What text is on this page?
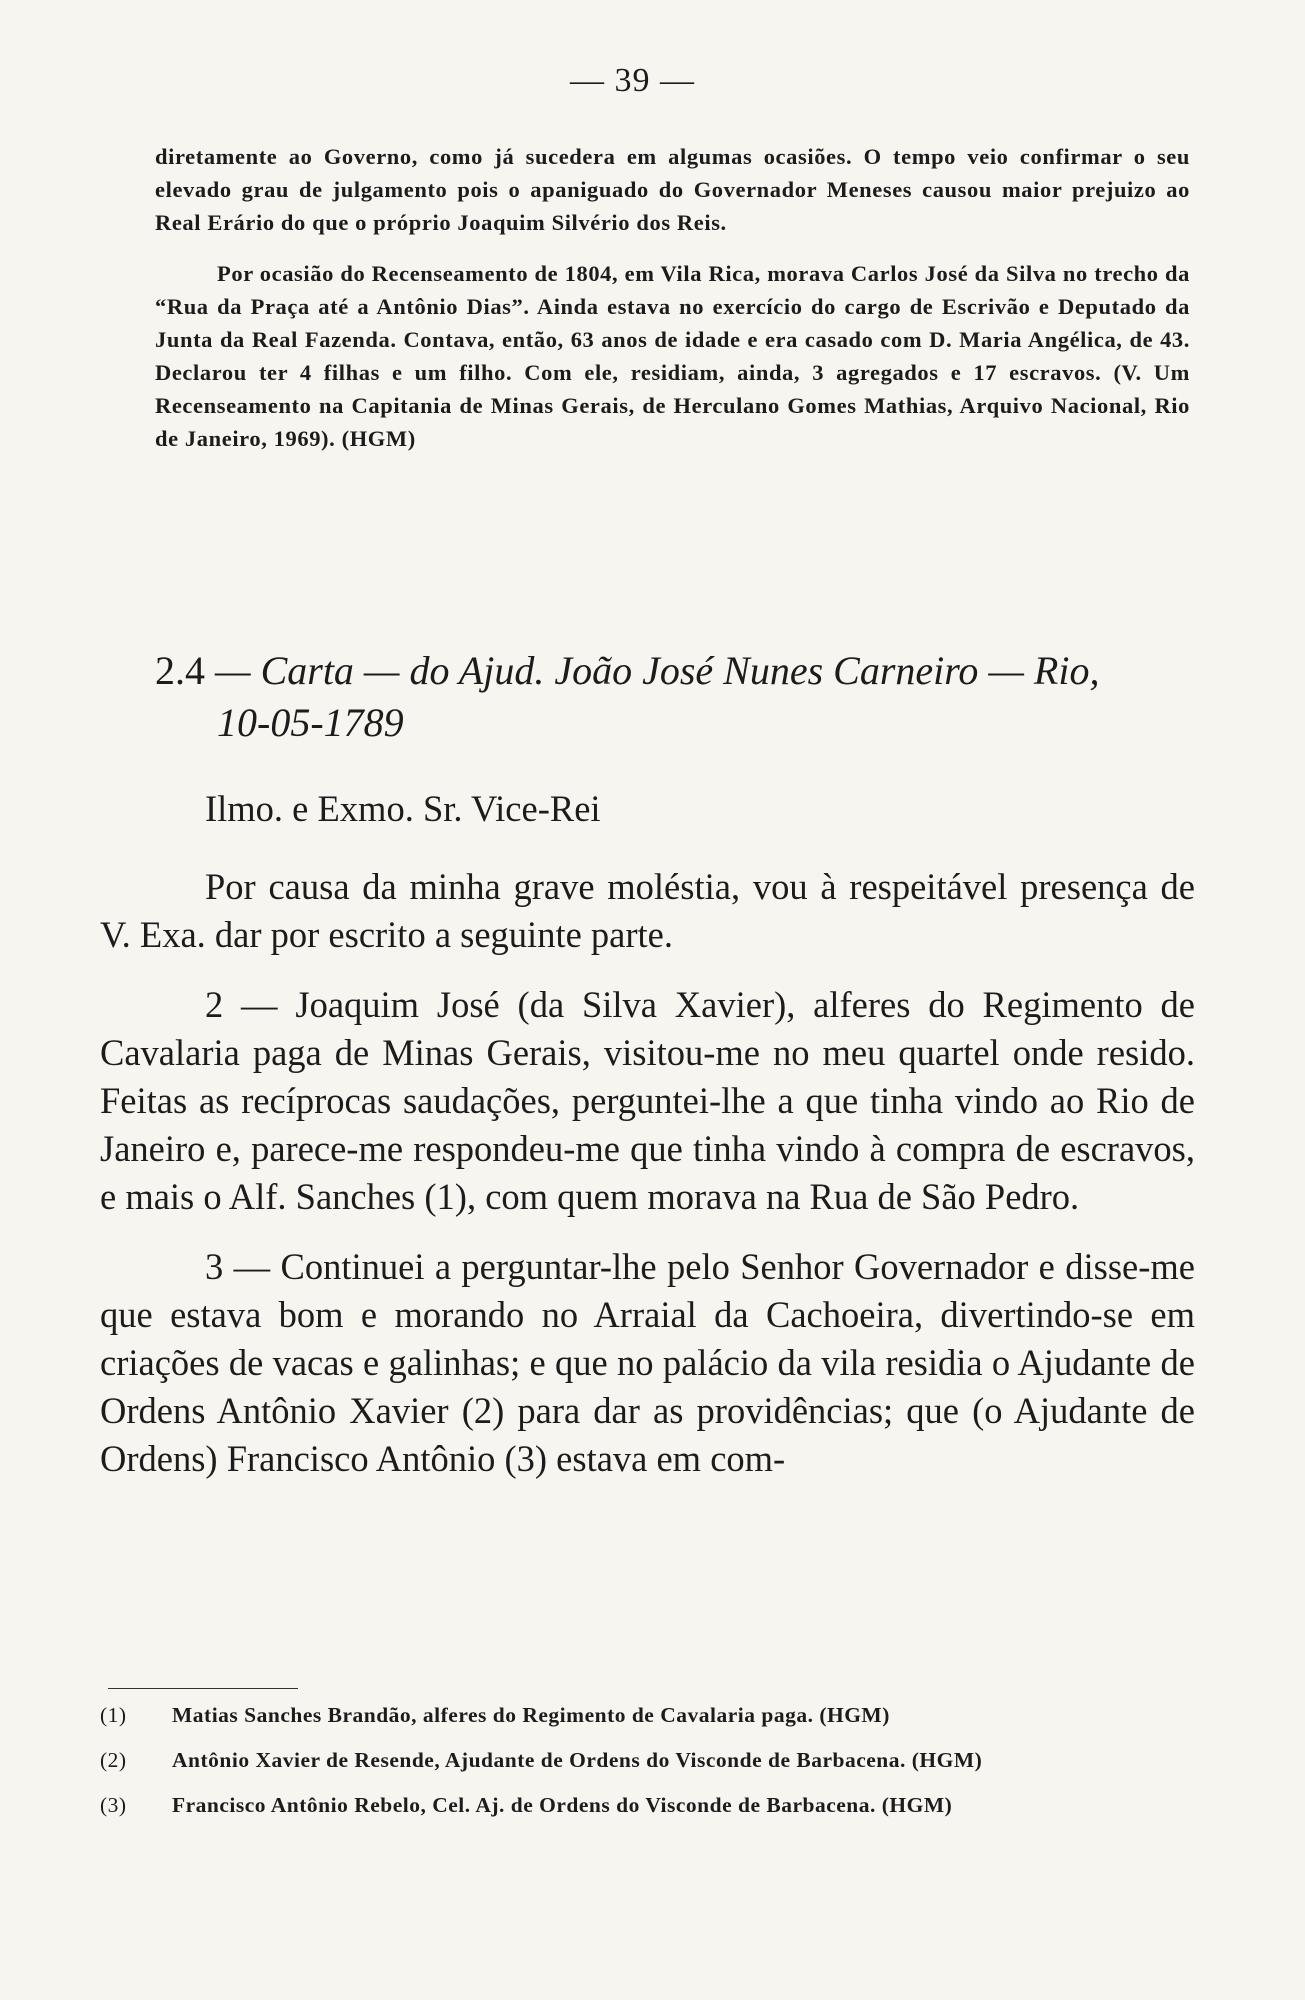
— 39 —

diretamente ao Governo, como já sucedera em algumas ocasiões. O tempo veio confirmar o seu elevado grau de julgamento pois o apaniguado do Governador Meneses causou maior prejuizo ao Real Erário do que o próprio Joaquim Silvério dos Reis.

Por ocasião do Recenseamento de 1804, em Vila Rica, morava Carlos José da Silva no trecho da “Rua da Praça até a Antônio Dias”. Ainda estava no exercício do cargo de Escrivão e Deputado da Junta da Real Fazenda. Contava, então, 63 anos de idade e era casado com D. Maria Angélica, de 43. Declarou ter 4 filhas e um filho. Com ele, residiam, ainda, 3 agregados e 17 escravos. (V. Um Recenseamento na Capitania de Minas Gerais, de Herculano Gomes Mathias, Arquivo Nacional, Rio de Janeiro, 1969). (HGM)

2.4 — Carta — do Ajud. João José Nunes Carneiro — Rio,
10-05-1789

Ilmo. e Exmo. Sr. Vice-Rei

Por causa da minha grave moléstia, vou à respeitável presença de V. Exa. dar por escrito a seguinte parte.

2 — Joaquim José (da Silva Xavier), alferes do Regimento de Cavalaria paga de Minas Gerais, visitou-me no meu quartel onde resido. Feitas as recíprocas saudações, perguntei-lhe a que tinha vindo ao Rio de Janeiro e, parece-me respondeu-me que tinha vindo à compra de escravos, e mais o Alf. Sanches (1), com quem morava na Rua de São Pedro.

3 — Continuei a perguntar-lhe pelo Senhor Governador e disse-me que estava bom e morando no Arraial da Cachoeira, divertindo-se em criações de vacas e galinhas; e que no palácio da vila residia o Ajudante de Ordens Antônio Xavier (2) para dar as providências; que (o Ajudante de Ordens) Francisco Antônio (3) estava em com-

(1)	Matias Sanches Brandão, alferes do Regimento de Cavalaria paga. (HGM)
(2)	Antônio Xavier de Resende, Ajudante de Ordens do Visconde de Barbacena. (HGM)
(3)	Francisco Antônio Rebelo, Cel. Aj. de Ordens do Visconde de Barbacena. (HGM)
